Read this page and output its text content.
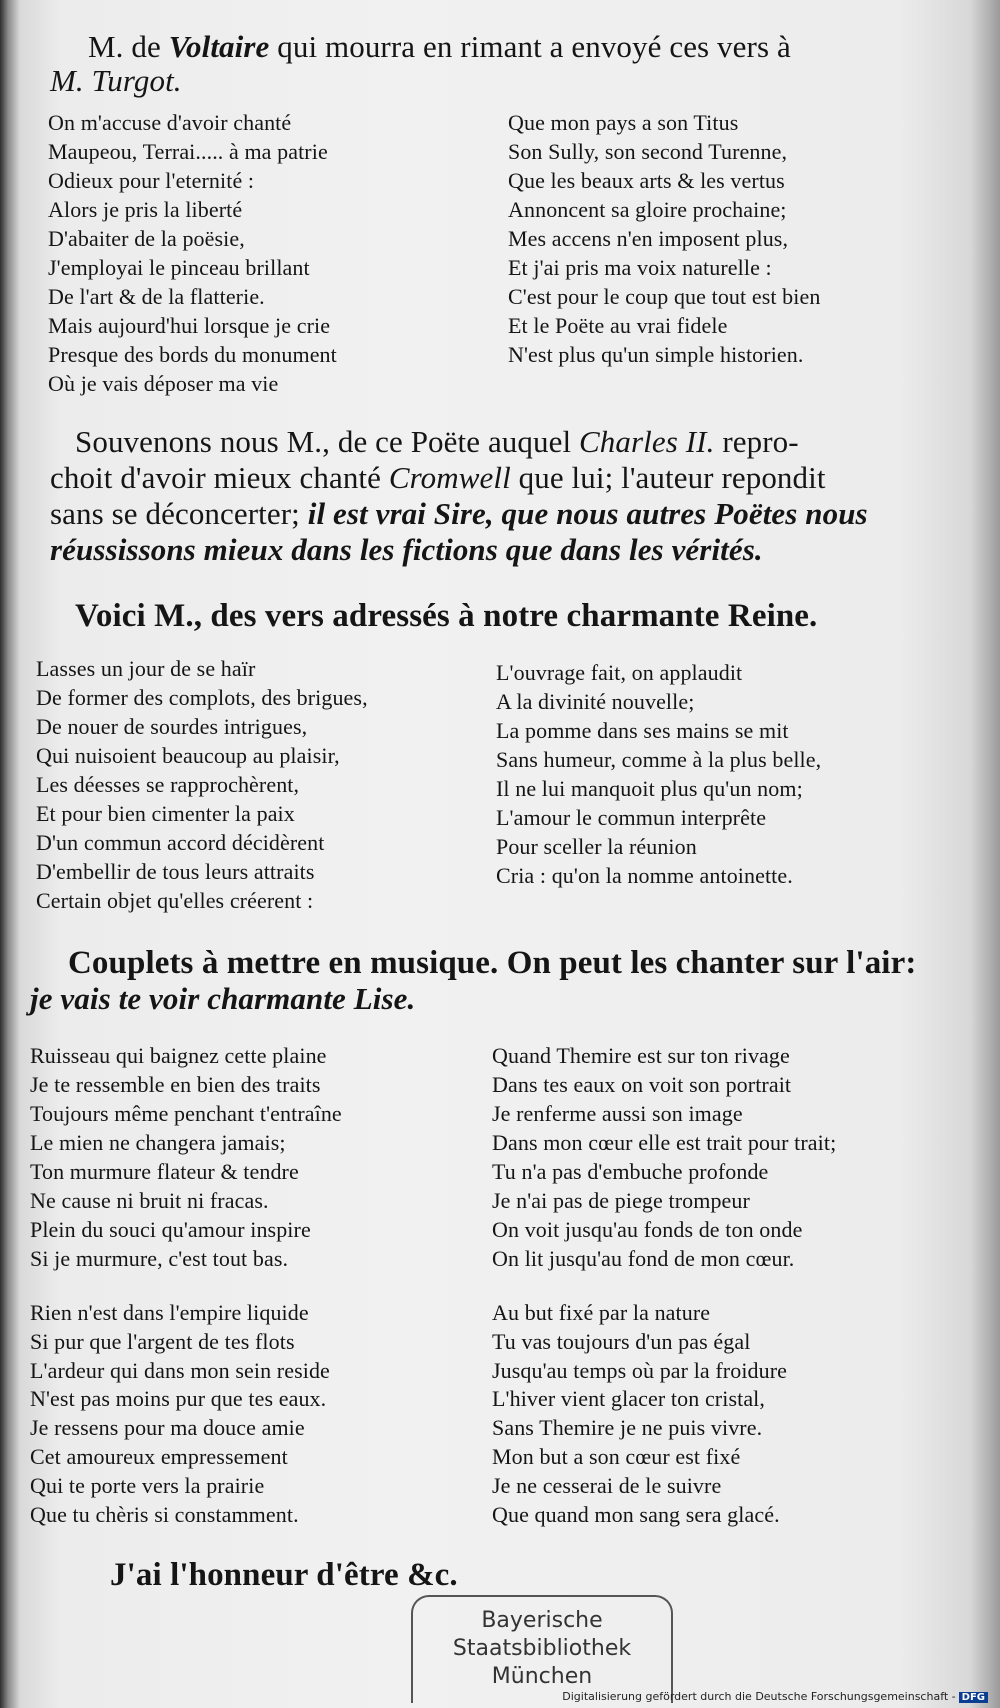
M. de Voltaire qui mourra en rimant a envoyé ces vers à
M. Turgot.
On m'accuse d'avoir chanté
Maupeou, Terrai..... à ma patrie
Odieux pour l'eternité :
Alors je pris la liberté
D'abaiter de la poësie,
J'employai le pinceau brillant
De l'art & de la flatterie.
Mais aujourd'hui lorsque je crie
Presque des bords du monument
Où je vais déposer ma vie
Que mon pays a son Titus
Son Sully, son second Turenne,
Que les beaux arts & les vertus
Annoncent sa gloire prochaine;
Mes accens n'en imposent plus,
Et j'ai pris ma voix naturelle :
C'est pour le coup que tout est bien
Et le Poëte au vrai fidele
N'est plus qu'un simple historien.
Souvenons nous M., de ce Poëte auquel Charles II. repro-
choit d'avoir mieux chanté Cromwell que lui; l'auteur repondit
sans se déconcerter; il est vrai Sire, que nous autres Poëtes nous
réussissons mieux dans les fictions que dans les vérités.
Voici M., des vers adressés à notre charmante Reine.
Lasses un jour de se haïr
De former des complots, des brigues,
De nouer de sourdes intrigues,
Qui nuisoient beaucoup au plaisir,
Les déesses se rapprochèrent,
Et pour bien cimenter la paix
D'un commun accord décidèrent
D'embellir de tous leurs attraits
Certain objet qu'elles créerent :
L'ouvrage fait, on applaudit
A la divinité nouvelle;
La pomme dans ses mains se mit
Sans humeur, comme à la plus belle,
Il ne lui manquoit plus qu'un nom;
L'amour le commun interprête
Pour sceller la réunion
Cria : qu'on la nomme antoinette.
Couplets à mettre en musique. On peut les chanter sur l'air:
je vais te voir charmante Lise.
Ruisseau qui baignez cette plaine
Je te ressemble en bien des traits
Toujours même penchant t'entraîne
Le mien ne changera jamais;
Ton murmure flateur & tendre
Ne cause ni bruit ni fracas.
Plein du souci qu'amour inspire
Si je murmure, c'est tout bas.
Quand Themire est sur ton rivage
Dans tes eaux on voit son portrait
Je renferme aussi son image
Dans mon cœur elle est trait pour trait;
Tu n'a pas d'embuche profonde
Je n'ai pas de piege trompeur
On voit jusqu'au fonds de ton onde
On lit jusqu'au fond de mon cœur.
Rien n'est dans l'empire liquide
Si pur que l'argent de tes flots
L'ardeur qui dans mon sein reside
N'est pas moins pur que tes eaux.
Je ressens pour ma douce amie
Cet amoureux empressement
Qui te porte vers la prairie
Que tu chèris si constamment.
Au but fixé par la nature
Tu vas toujours d'un pas égal
Jusqu'au temps où par la froidure
L'hiver vient glacer ton cristal,
Sans Themire je ne puis vivre.
Mon but a son cœur est fixé
Je ne cesserai de le suivre
Que quand mon sang sera glacé.
J'ai l'honneur d'être &c.
Bayerische
Staatsbibliothek
München
Digitalisierung gefördert durch die Deutsche Forschungsgemeinschaft - DFG
